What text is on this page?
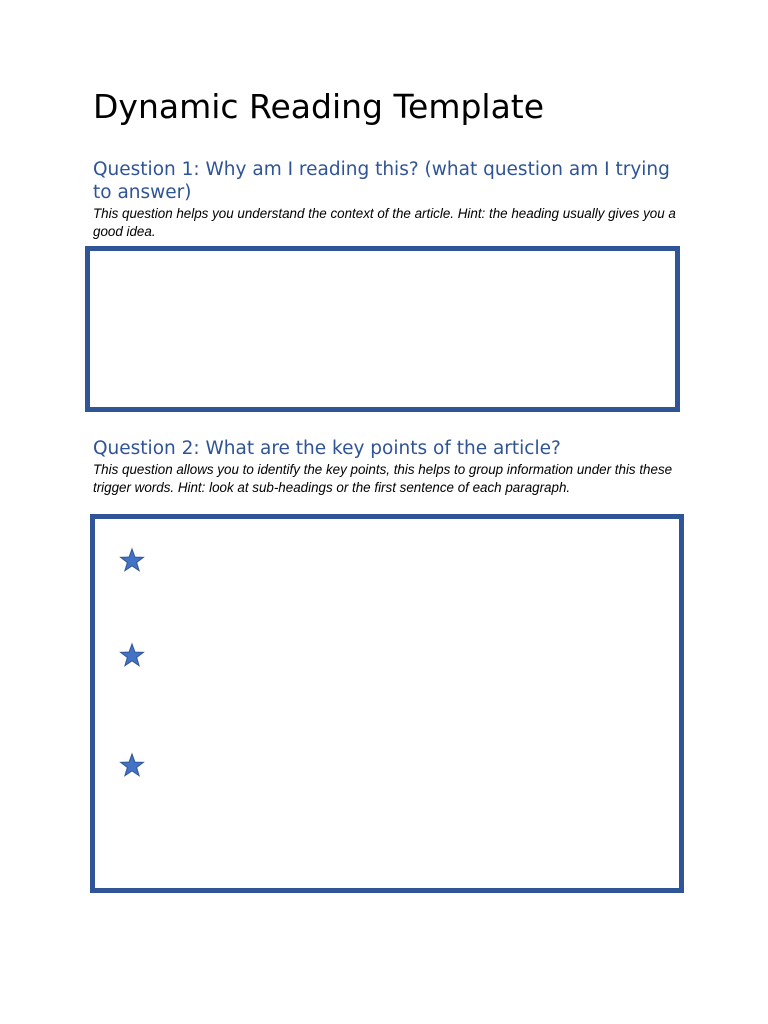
Dynamic Reading Template
Question 1: Why am I reading this? (what question am I trying to answer)

This question helps you understand the context of the article. Hint: the heading usually gives you a good idea.

Question 2: What are the key points of the article?

This question allows you to identify the key points, this helps to group information under this these trigger words. Hint: look at sub-headings or the first sentence of each paragraph.
